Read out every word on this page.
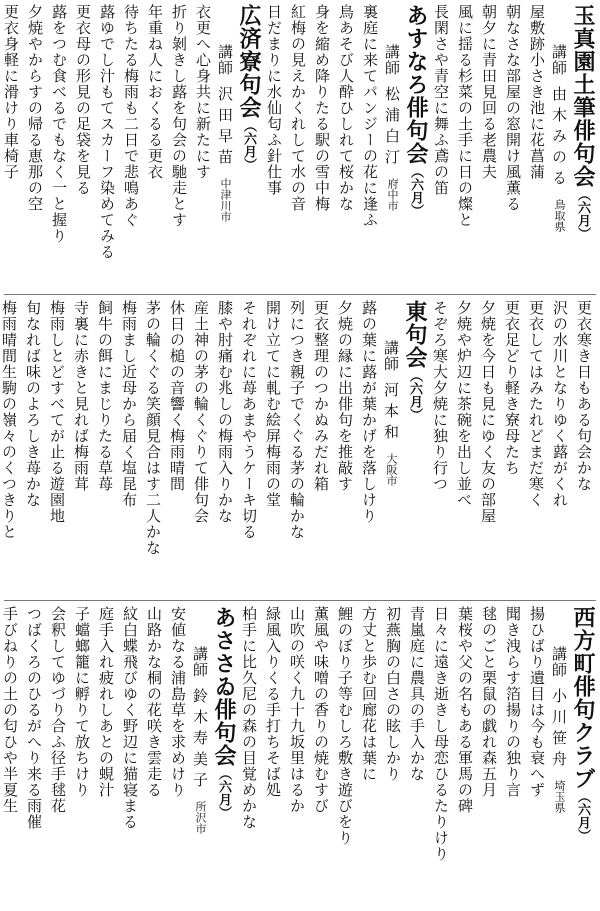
玉真園土筆俳句会（六月）
講師由木みのる鳥取県
屋敷跡小さき池に花菖蒲
朝なさな部屋の窓開け風薫る
朝夕に青田見回る老農夫
風に揺る杉菜の土手に日の燦と
長閑さや青空に舞ふ鳶の笛
あすなろ俳句会（六月）
講師松浦白汀府中市
裏庭に来てパンジーの花に逢ふ
鳥あそび人酔ひしれて桜かな
身を縮め降りたる駅の雪中梅
紅梅の見えかくれして水の音
日だまりに水仙匂ふ針仕事
広済寮句会（六月）
講師沢田早苗中津川市
衣更へ心身共に新たにす
折り剝きし蕗を句会の馳走とす
年重ね人におくるる更衣
待ちたる梅雨も二日で悲鳴あぐ
蕗ゆでし汁もてスカーフ染めてみる
更衣母の形見の足袋を見る
蕗をつむ食べるでもなく一と握り
夕焼やからすの帰る恵那の空
更衣身軽に滑けり車椅子
更衣寒き日もある句会かな
沢の水川となりゆく蕗がくれ
更衣してはみたれどまだ寒く
更衣足どり軽き寮母たち
夕焼を今日も見にゆく友の部屋
夕焼や炉辺に茶碗を出し並べ
そぞろ寒大夕焼に独り行つ
東句会（六月）
講師河本和大阪市
蕗の葉に蕗が葉かげを落しけり
夕焼の縁に出俳句を推敲す
更衣整理のつかぬみだれ箱
列につき親子でくぐる茅の輪かな
開け立てに軋む絵屏梅雨の堂
それぞれに苺あまやうケーキ切る
膝や肘痛む兆しの梅雨入りかな
産土神の茅の輪くぐりて俳句会
休日の槌の音響く梅雨晴間
茅の輪くぐる笑顔見合はす二人かな
梅雨まし近母から届く塩昆布
飼牛の餌にまじりたる草苺
寺裏に赤きと見れば梅雨茸
梅雨しとどすべてが止る遊園地
旬なれば味のよろしき苺かな
梅雨晴間生駒の嶺々のくつきりと
西方町俳句クラブ（六月）
講師小川笹舟埼玉県
揚ひばり遺目は今も衰へず
聞き洩らす箔揚りの独り言
毬のごと栗鼠の戯れ森五月
葉桜や父の名もある軍馬の碑
日々に遠き逝きし母恋ひるたりけり
青嵐庭に農具の手入かな
初燕胸の白さの眩しかり
方丈と歩む回廊花は葉に
鯉のぼり子等むしろ敷き遊びをり
薫風や味噌の香りの焼むすび
山吹の咲く九十九坂里はるか
緑風入りくる手打ちそば処
柏手に比久尼の森の目覚めかな
あささゐ俳句会（六月）
講師鈴木寿美子所沢市
安値なる浦島草を求めけり
山路かな桐の花咲き雲走る
紋白蝶飛びゆく野辺に猫寝まる
庭手入れ疲れしあとの蜆汁
子蟷螂籠に孵りて放ちけり
会釈してゆづり合ふ径手毬花
つばくろのひるがへり来る雨催
手びねりの土の匂ひや半夏生
